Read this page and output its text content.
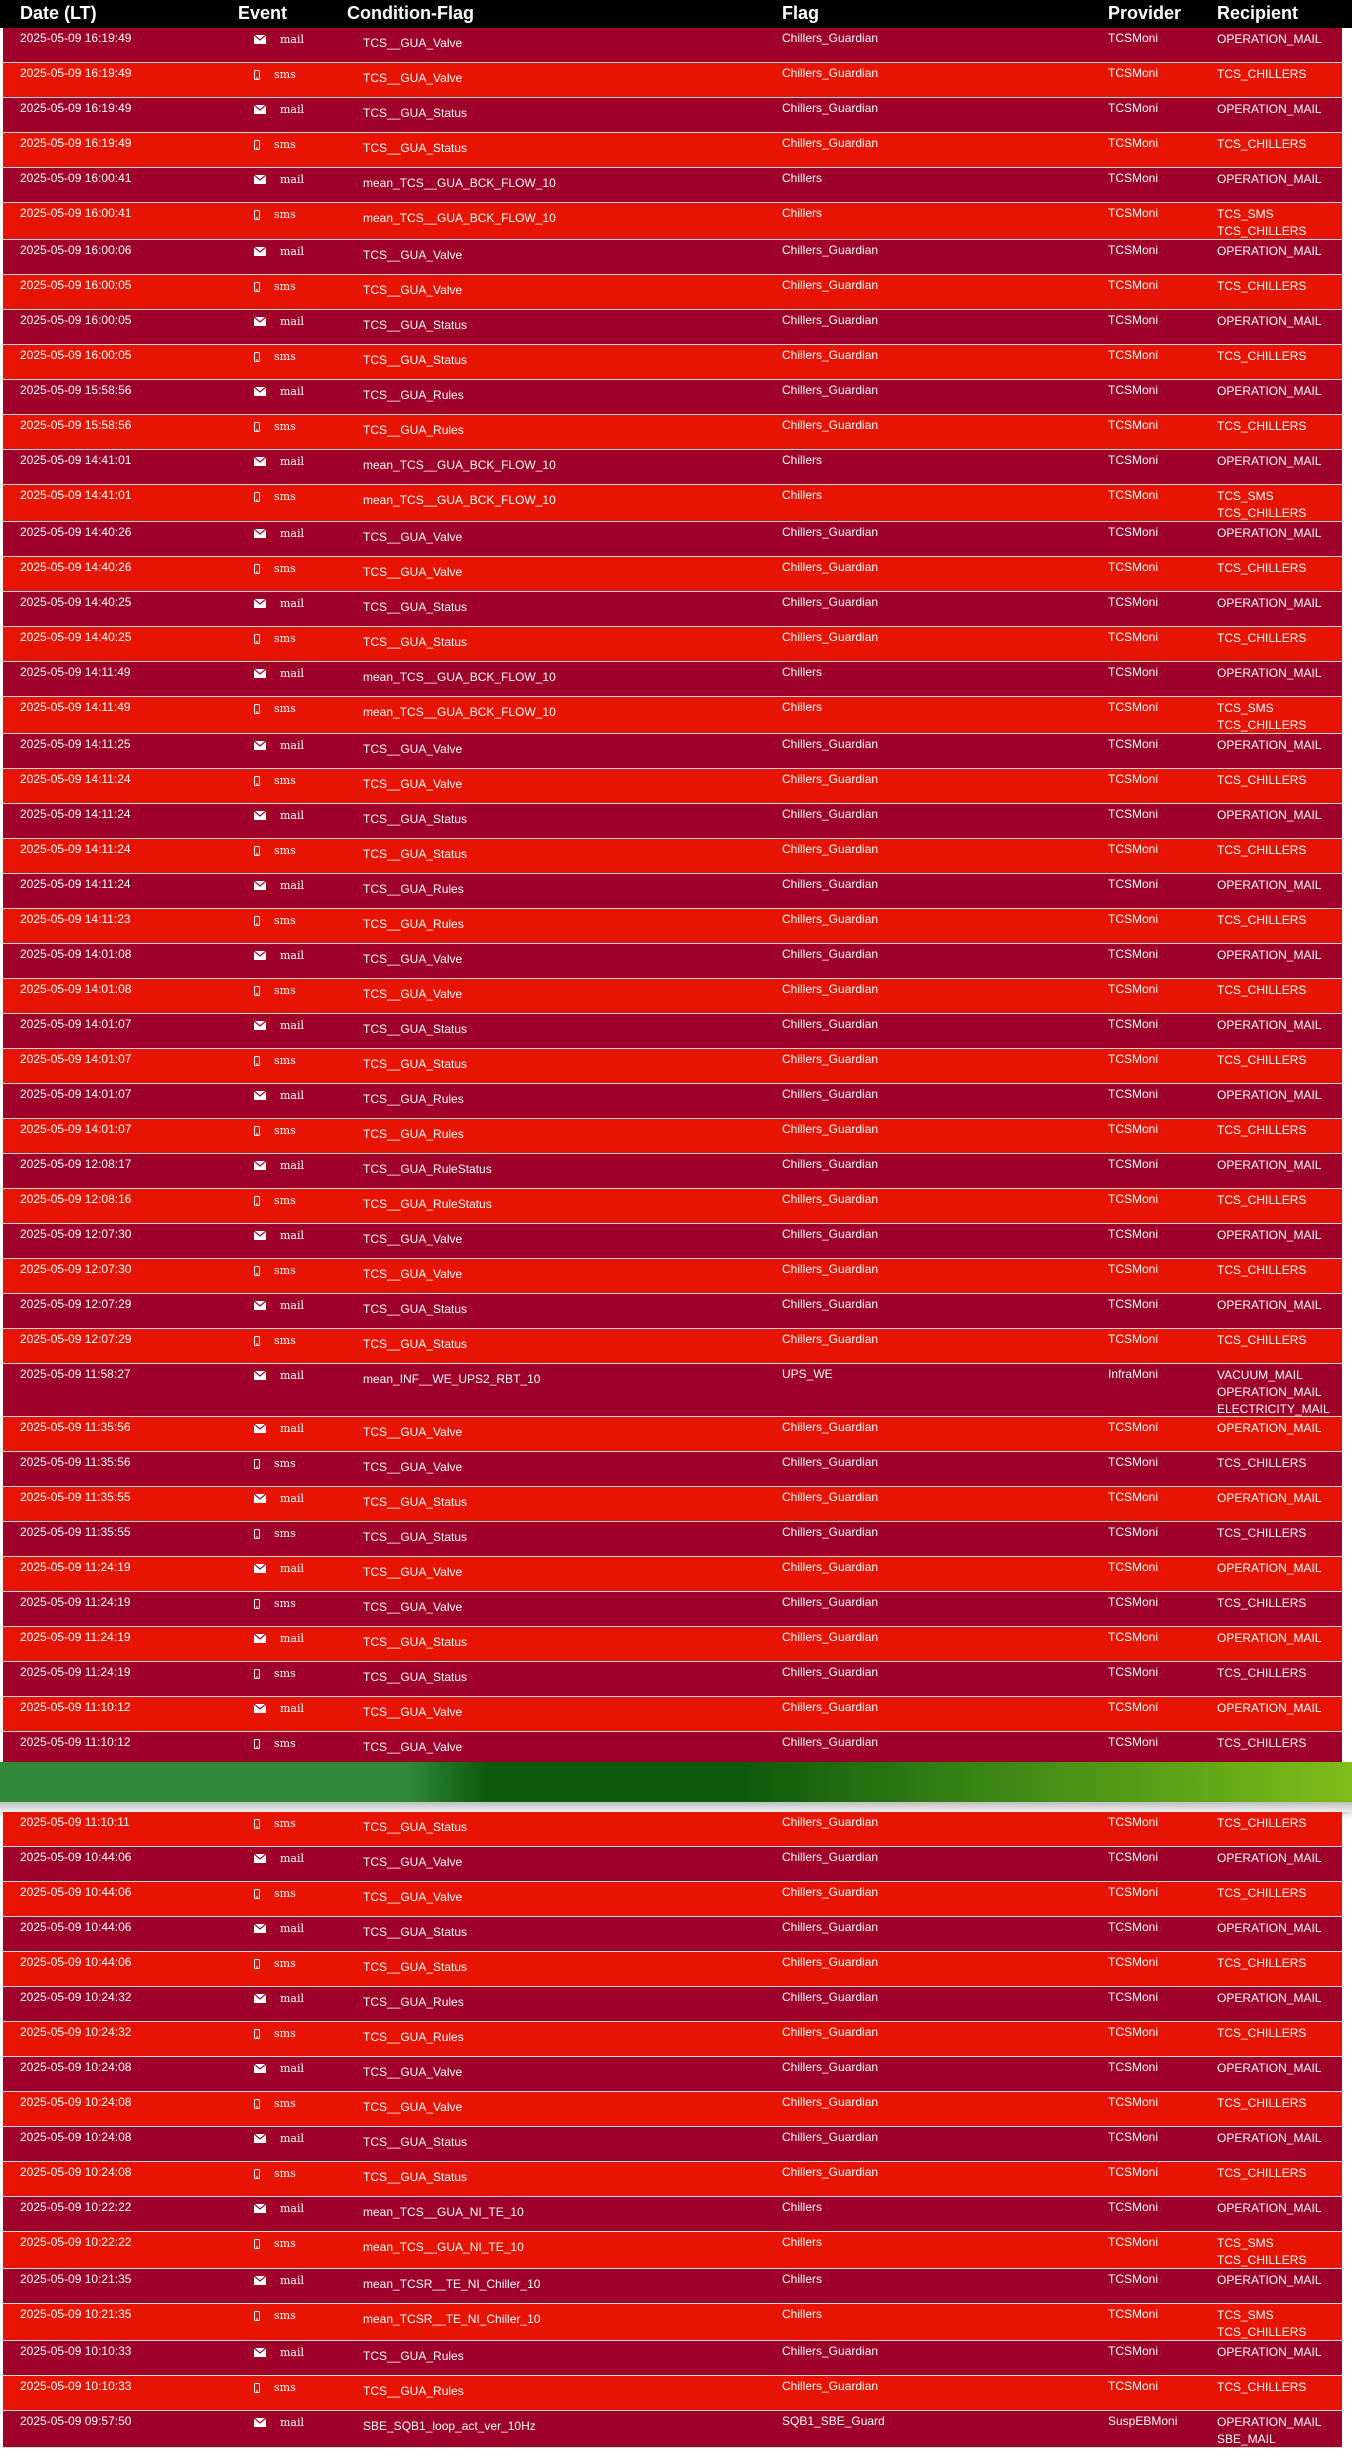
Date (LT)	Event	Condition-Flag	Flag	Provider Recipient
2025-05-09 16:19:49	mail	TCS__GUA_Valve	Chillers_Guardian	TCSMoni	OPERATION_MAIL
2025-05-09 16:19:49	sms	TCS__GUA_Valve	Chillers_Guardian	TCSMoni	TCS_CHILLERS
2025-05-09 16:19:49	mail	TCS__GUA_Status	Chillers_Guardian	TCSMoni	OPERATION_MAIL
2025-05-09 16:19:49	sms	TCS__GUA_Status	Chillers_Guardian	TCSMoni	TCS_CHILLERS
2025-05-09 16:00:41	mail	mean_TCS__GUA_BCK_FLOW_10	Chillers	TCSMoni	OPERATION_MAIL
2025-05-09 16:00:41	sms	mean_TCS__GUA_BCK_FLOW_10	Chillers	TCSMoni	TCS_SMS
TCS_CHILLERS
2025-05-09 16:00:06	mail	TCS__GUA_Valve	Chillers_Guardian	TCSMoni	OPERATION_MAIL
2025-05-09 16:00:05	sms	TCS__GUA_Valve	Chillers_Guardian	TCSMoni	TCS_CHILLERS
2025-05-09 16:00:05	mail	TCS__GUA_Status	Chillers_Guardian	TCSMoni	OPERATION_MAIL
2025-05-09 16:00:05	sms	TCS__GUA_Status	Chillers_Guardian	TCSMoni	TCS_CHILLERS
2025-05-09 15:58:56	mail	TCS__GUA_Rules	Chillers_Guardian	TCSMoni	OPERATION_MAIL
2025-05-09 15:58:56	sms	TCS__GUA_Rules	Chillers_Guardian	TCSMoni	TCS_CHILLERS
2025-05-09 14:41:01	mail	mean_TCS__GUA_BCK_FLOW_10	Chillers	TCSMoni	OPERATION_MAIL
2025-05-09 14:41:01	sms	mean_TCS__GUA_BCK_FLOW_10	Chillers	TCSMoni	TCS_SMS
TCS_CHILLERS
2025-05-09 14:40:26	mail	TCS__GUA_Valve	Chillers_Guardian	TCSMoni	OPERATION_MAIL
2025-05-09 14:40:26	sms	TCS__GUA_Valve	Chillers_Guardian	TCSMoni	TCS_CHILLERS
2025-05-09 14:40:25	mail	TCS__GUA_Status	Chillers_Guardian	TCSMoni	OPERATION_MAIL
2025-05-09 14:40:25	sms	TCS__GUA_Status	Chillers_Guardian	TCSMoni	TCS_CHILLERS
2025-05-09 14:11:49	mail	mean_TCS__GUA_BCK_FLOW_10	Chillers	TCSMoni	OPERATION_MAIL
2025-05-09 14:11:49	sms	mean_TCS__GUA_BCK_FLOW_10	Chillers	TCSMoni	TCS_SMS
TCS_CHILLERS
2025-05-09 14:11:25	mail	TCS__GUA_Valve	Chillers_Guardian	TCSMoni	OPERATION_MAIL
2025-05-09 14:11:24	sms	TCS__GUA_Valve	Chillers_Guardian	TCSMoni	TCS_CHILLERS
2025-05-09 14:11:24	mail	TCS__GUA_Status	Chillers_Guardian	TCSMoni	OPERATION_MAIL
2025-05-09 14:11:24	sms	TCS__GUA_Status	Chillers_Guardian	TCSMoni	TCS_CHILLERS
2025-05-09 14:11:24	mail	TCS__GUA_Rules	Chillers_Guardian	TCSMoni	OPERATION_MAIL
2025-05-09 14:11:23	sms	TCS__GUA_Rules	Chillers_Guardian	TCSMoni	TCS_CHILLERS
2025-05-09 14:01:08	mail	TCS__GUA_Valve	Chillers_Guardian	TCSMoni	OPERATION_MAIL
2025-05-09 14:01:08	sms	TCS__GUA_Valve	Chillers_Guardian	TCSMoni	TCS_CHILLERS
2025-05-09 14:01:07	mail	TCS__GUA_Status	Chillers_Guardian	TCSMoni	OPERATION_MAIL
2025-05-09 14:01:07	sms	TCS__GUA_Status	Chillers_Guardian	TCSMoni	TCS_CHILLERS
2025-05-09 14:01:07	mail	TCS__GUA_Rules	Chillers_Guardian	TCSMoni	OPERATION_MAIL
2025-05-09 14:01:07	sms	TCS__GUA_Rules	Chillers_Guardian	TCSMoni	TCS_CHILLERS
2025-05-09 12:08:17	mail	TCS__GUA_RuleStatus	Chillers_Guardian	TCSMoni	OPERATION_MAIL
2025-05-09 12:08:16	sms	TCS__GUA_RuleStatus	Chillers_Guardian	TCSMoni	TCS_CHILLERS
2025-05-09 12:07:30	mail	TCS__GUA_Valve	Chillers_Guardian	TCSMoni	OPERATION_MAIL
2025-05-09 12:07:30	sms	TCS__GUA_Valve	Chillers_Guardian	TCSMoni	TCS_CHILLERS
2025-05-09 12:07:29	mail	TCS__GUA_Status	Chillers_Guardian	TCSMoni	OPERATION_MAIL
2025-05-09 12:07:29	sms	TCS__GUA_Status	Chillers_Guardian	TCSMoni	TCS_CHILLERS
2025-05-09 11:58:27	mail	mean_INF__WE_UPS2_RBT_10	UPS_WE	InfraMoni	VACUUM_MAIL
OPERATION_MAIL
ELECTRICITY_MAIL
2025-05-09 11:35:56	mail	TCS__GUA_Valve	Chillers_Guardian	TCSMoni	OPERATION_MAIL
2025-05-09 11:35:56	sms	TCS__GUA_Valve	Chillers_Guardian	TCSMoni	TCS_CHILLERS
2025-05-09 11:35:55	mail	TCS__GUA_Status	Chillers_Guardian	TCSMoni	OPERATION_MAIL
2025-05-09 11:35:55	sms	TCS__GUA_Status	Chillers_Guardian	TCSMoni	TCS_CHILLERS
2025-05-09 11:24:19	mail	TCS__GUA_Valve	Chillers_Guardian	TCSMoni	OPERATION_MAIL
2025-05-09 11:24:19	sms	TCS__GUA_Valve	Chillers_Guardian	TCSMoni	TCS_CHILLERS
2025-05-09 11:24:19	mail	TCS__GUA_Status	Chillers_Guardian	TCSMoni	OPERATION_MAIL
2025-05-09 11:24:19	sms	TCS__GUA_Status	Chillers_Guardian	TCSMoni	TCS_CHILLERS
2025-05-09 11:10:12	mail	TCS__GUA_Valve	Chillers_Guardian	TCSMoni	OPERATION_MAIL
2025-05-09 11:10:12	sms	TCS__GUA_Valve	Chillers_Guardian	TCSMoni	TCS_CHILLERS
2025-05-09 11:10:11	sms	TCS__GUA_Status	Chillers_Guardian	TCSMoni	TCS_CHILLERS
2025-05-09 10:44:06	mail	TCS__GUA_Valve	Chillers_Guardian	TCSMoni	OPERATION_MAIL
2025-05-09 10:44:06	sms	TCS__GUA_Valve	Chillers_Guardian	TCSMoni	TCS_CHILLERS
2025-05-09 10:44:06	mail	TCS__GUA_Status	Chillers_Guardian	TCSMoni	OPERATION_MAIL
2025-05-09 10:44:06	sms	TCS__GUA_Status	Chillers_Guardian	TCSMoni	TCS_CHILLERS
2025-05-09 10:24:32	mail	TCS__GUA_Rules	Chillers_Guardian	TCSMoni	OPERATION_MAIL
2025-05-09 10:24:32	sms	TCS__GUA_Rules	Chillers_Guardian	TCSMoni	TCS_CHILLERS
2025-05-09 10:24:08	mail	TCS__GUA_Valve	Chillers_Guardian	TCSMoni	OPERATION_MAIL
2025-05-09 10:24:08	sms	TCS__GUA_Valve	Chillers_Guardian	TCSMoni	TCS_CHILLERS
2025-05-09 10:24:08	mail	TCS__GUA_Status	Chillers_Guardian	TCSMoni	OPERATION_MAIL
2025-05-09 10:24:08	sms	TCS__GUA_Status	Chillers_Guardian	TCSMoni	TCS_CHILLERS
2025-05-09 10:22:22	mail	mean_TCS__GUA_NI_TE_10	Chillers	TCSMoni	OPERATION_MAIL
2025-05-09 10:22:22	sms	mean_TCS__GUA_NI_TE_10	Chillers	TCSMoni	TCS_SMS
TCS_CHILLERS
2025-05-09 10:21:35	mail	mean_TCSR__TE_NI_Chiller_10	Chillers	TCSMoni	OPERATION_MAIL
2025-05-09 10:21:35	sms	mean_TCSR__TE_NI_Chiller_10	Chillers	TCSMoni	TCS_SMS
TCS_CHILLERS
2025-05-09 10:10:33	mail	TCS__GUA_Rules	Chillers_Guardian	TCSMoni	OPERATION_MAIL
2025-05-09 10:10:33	sms	TCS__GUA_Rules	Chillers_Guardian	TCSMoni	TCS_CHILLERS
2025-05-09 09:57:50	mail	SBE_SQB1_loop_act_ver_10Hz	SQB1_SBE_Guard	SuspEBMoni	OPERATION_MAIL
SBE_MAIL
